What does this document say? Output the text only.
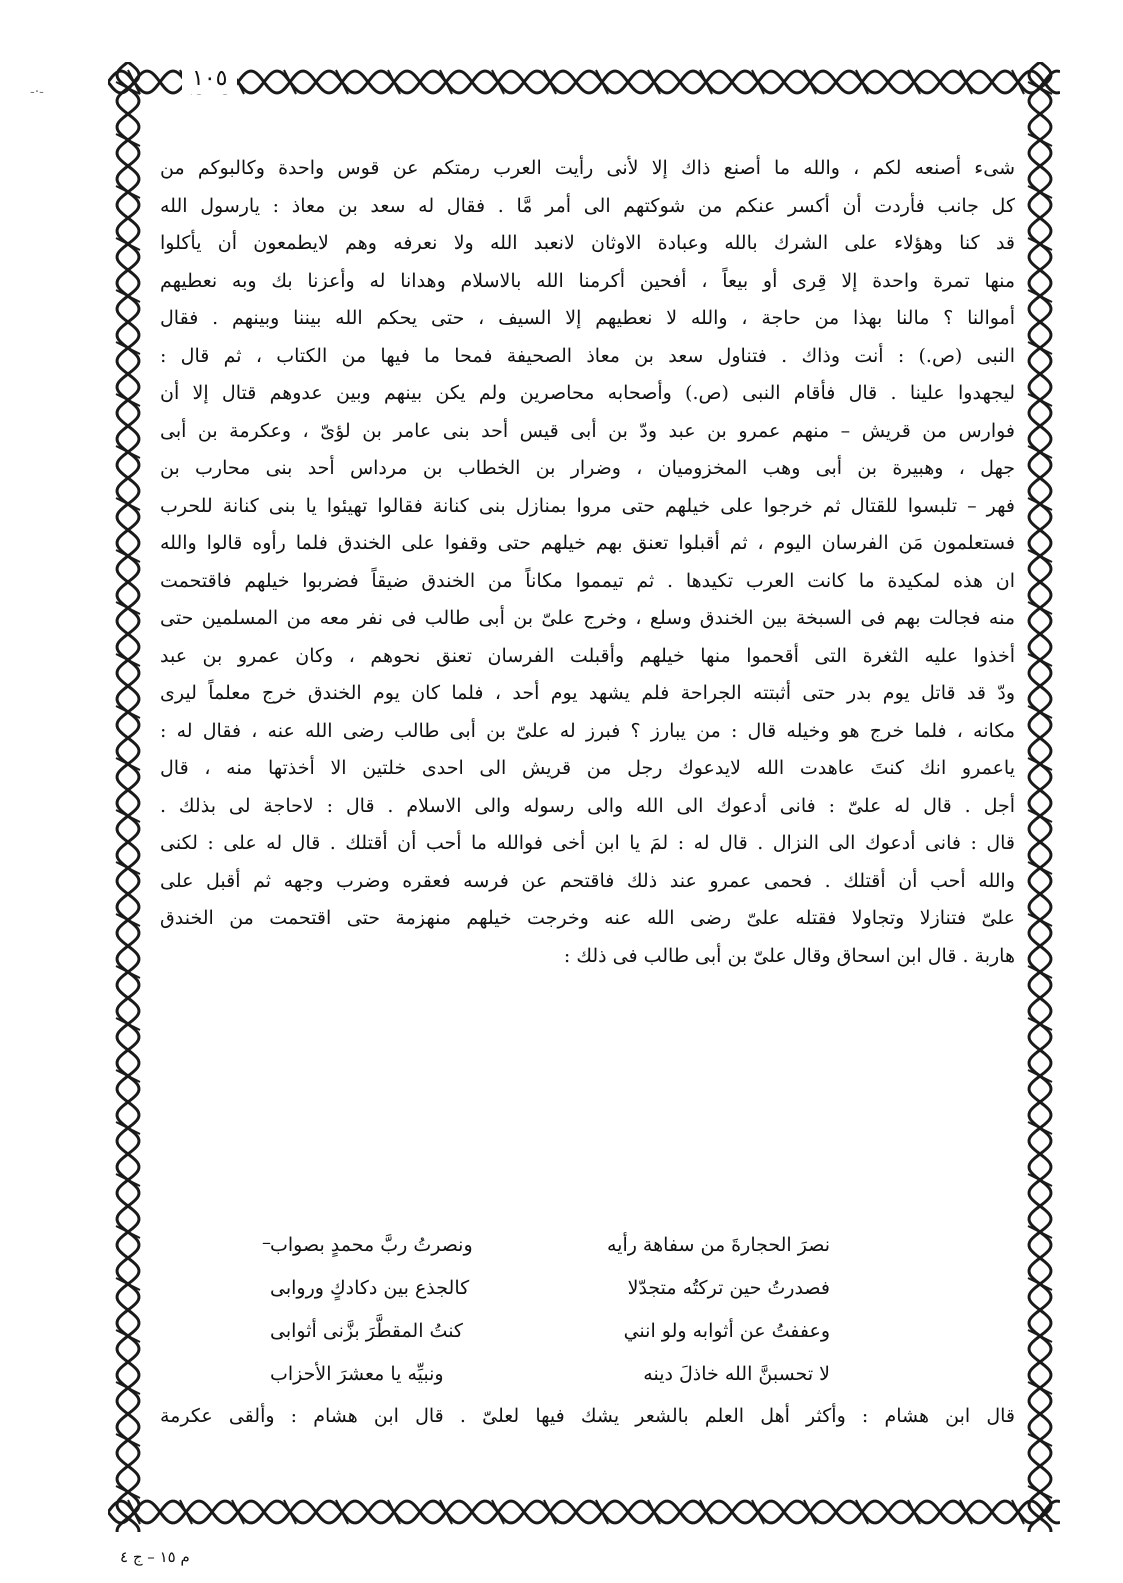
-·-
١٠٥
شىء أصنعه لكم ، والله ما أصنع ذاك إلا لأنى رأيت العرب رمتكم عن قوس واحدة وكالبوكم من
كل جانب فأردت أن أكسر عنكم من شوكتهم الى أمر مَّا . فقال له سعد بن معاذ : يارسول الله
قد كنا وهؤلاء على الشرك بالله وعبادة الاوثان لانعبد الله ولا نعرفه وهم لايطمعون أن يأكلوا
منها تمرة واحدة إلا قِرى أو بيعاً ، أفحين أكرمنا الله بالاسلام وهدانا له وأعزنا بك وبه نعطيهم
أموالنا ؟ مالنا بهذا من حاجة ، والله لا نعطيهم إلا السيف ، حتى يحكم الله بيننا وبينهم . فقال
النبى (ص.) : أنت وذاك . فتناول سعد بن معاذ الصحيفة فمحا ما فيها من الكتاب ، ثم قال :
ليجهدوا علينا . قال فأقام النبى (ص.) وأصحابه محاصرين ولم يكن بينهم وبين عدوهم قتال إلا أن
فوارس من قريش – منهم عمرو بن عبد ودّ بن أبى قيس أحد بنى عامر بن لؤىّ ، وعكرمة بن أبى
جهل ، وهبيرة بن أبى وهب المخزوميان ، وضرار بن الخطاب بن مرداس أحد بنى محارب بن
فهر – تلبسوا للقتال ثم خرجوا على خيلهم حتى مروا بمنازل بنى كنانة فقالوا تهيئوا يا بنى كنانة للحرب
فستعلمون مَن الفرسان اليوم ، ثم أقبلوا تعنق بهم خيلهم حتى وقفوا على الخندق فلما رأوه قالوا والله
ان هذه لمكيدة ما كانت العرب تكيدها . ثم تيمموا مكاناً من الخندق ضيقاً فضربوا خيلهم فاقتحمت
منه فجالت بهم فى السبخة بين الخندق وسلع ، وخرج علىّ بن أبى طالب فى نفر معه من المسلمين حتى
أخذوا عليه الثغرة التى أقحموا منها خيلهم وأقبلت الفرسان تعنق نحوهم ، وكان عمرو بن عبد
ودّ قد قاتل يوم بدر حتى أثبتته الجراحة فلم يشهد يوم أحد ، فلما كان يوم الخندق خرج معلماً ليرى
مكانه ، فلما خرج هو وخيله قال : من يبارز ؟ فبرز له علىّ بن أبى طالب رضى الله عنه ، فقال له :
ياعمرو انك كنتَ عاهدت الله لايدعوك رجل من قريش الى احدى خلتين الا أخذتها منه ، قال
أجل . قال له علىّ : فانى أدعوك الى الله والى رسوله والى الاسلام . قال : لاحاجة لى بذلك .
قال : فانى أدعوك الى النزال . قال له : لمَ يا ابن أخى فوالله ما أحب أن أقتلك . قال له على : لكنى
والله أحب أن أقتلك . فحمى عمرو عند ذلك فاقتحم عن فرسه فعقره وضرب وجهه ثم أقبل على
علىّ فتنازلا وتجاولا فقتله علىّ رضى الله عنه وخرجت خيلهم منهزمة حتى اقتحمت من الخندق
هاربة . قال ابن اسحاق وقال علىّ بن أبى طالب فى ذلك :
–	نصرَ الحجارةَ من سفاهة رأيه
ونصرتُ ربَّ محمدٍ بصواب
فصدرتُ حين تركتُه متجدّلا
كالجذع بين دكادكٍ وروابى
وعففتُ عن أثوابه ولو انني
كنتُ المقطَّرَ بزَّنى أثوابى
لا تحسبنَّ الله خاذلَ دينه
ونبيِّه يا معشرَ الأحزاب
قال ابن هشام : وأكثر أهل العلم بالشعر يشك فيها لعلىّ . قال ابن هشام : وألقى عكرمة
م ١٥ – ج ٤
